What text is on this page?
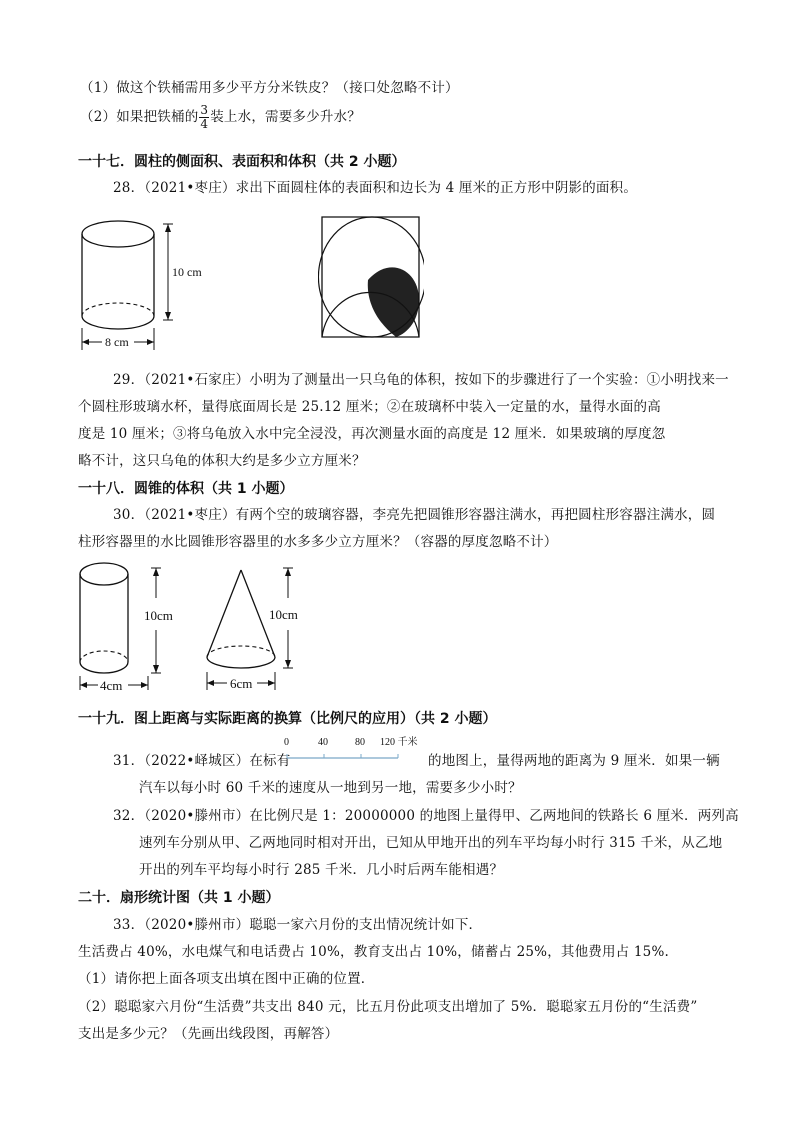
（1）做这个铁桶需用多少平方分米铁皮？（接口处忽略不计）
（2）如果把铁桶的 $\frac{3}{4}$ 装上水，需要多少升水？
一十七．圆柱的侧面积、表面积和体积（共 2 小题）
28．（2021•枣庄）求出下面圆柱体的表面积和边长为 4 厘米的正方形中阴影的面积。
10 cm
8 cm
29．（2021•石家庄）小明为了测量出一只乌龟的体积，按如下的步骤进行了一个实验：①小明找来一
个圆柱形玻璃水杯，量得底面周长是 25.12 厘米；②在玻璃杯中装入一定量的水，量得水面的高
度是 10 厘米；③将乌龟放入水中完全浸没，再次测量水面的高度是 12 厘米．如果玻璃的厚度忽
略不计，这只乌龟的体积大约是多少立方厘米？
一十八．圆锥的体积（共 1 小题）
30．（2021•枣庄）有两个空的玻璃容器，李亮先把圆锥形容器注满水，再把圆柱形容器注满水，圆
柱形容器里的水比圆锥形容器里的水多多少立方厘米？（容器的厚度忽略不计）
10cm
4cm
10cm
6cm
一十九．图上距离与实际距离的换算（比例尺的应用）（共 2 小题）
31．（2022•峄城区）在标有
0	40	80 120 千米
的地图上，量得两地的距离为 9 厘米．如果一辆
汽车以每小时 60 千米的速度从一地到另一地，需要多少小时？
32．（2020•滕州市）在比例尺是 1：20000000 的地图上量得甲、乙两地间的铁路长 6 厘米．两列高
速列车分别从甲、乙两地同时相对开出，已知从甲地开出的列车平均每小时行 315 千米，从乙地
开出的列车平均每小时行 285 千米．几小时后两车能相遇？
二十．扇形统计图（共 1 小题）
33．（2020•滕州市）聪聪一家六月份的支出情况统计如下．
生活费占 40%，水电煤气和电话费占 10%，教育支出占 10%，储蓄占 25%，其他费用占 15%.
（1）请你把上面各项支出填在图中正确的位置．
（2）聪聪家六月份“生活费”共支出 840 元，比五月份此项支出增加了 5%．聪聪家五月份的“生活费”
支出是多少元？（先画出线段图，再解答）
